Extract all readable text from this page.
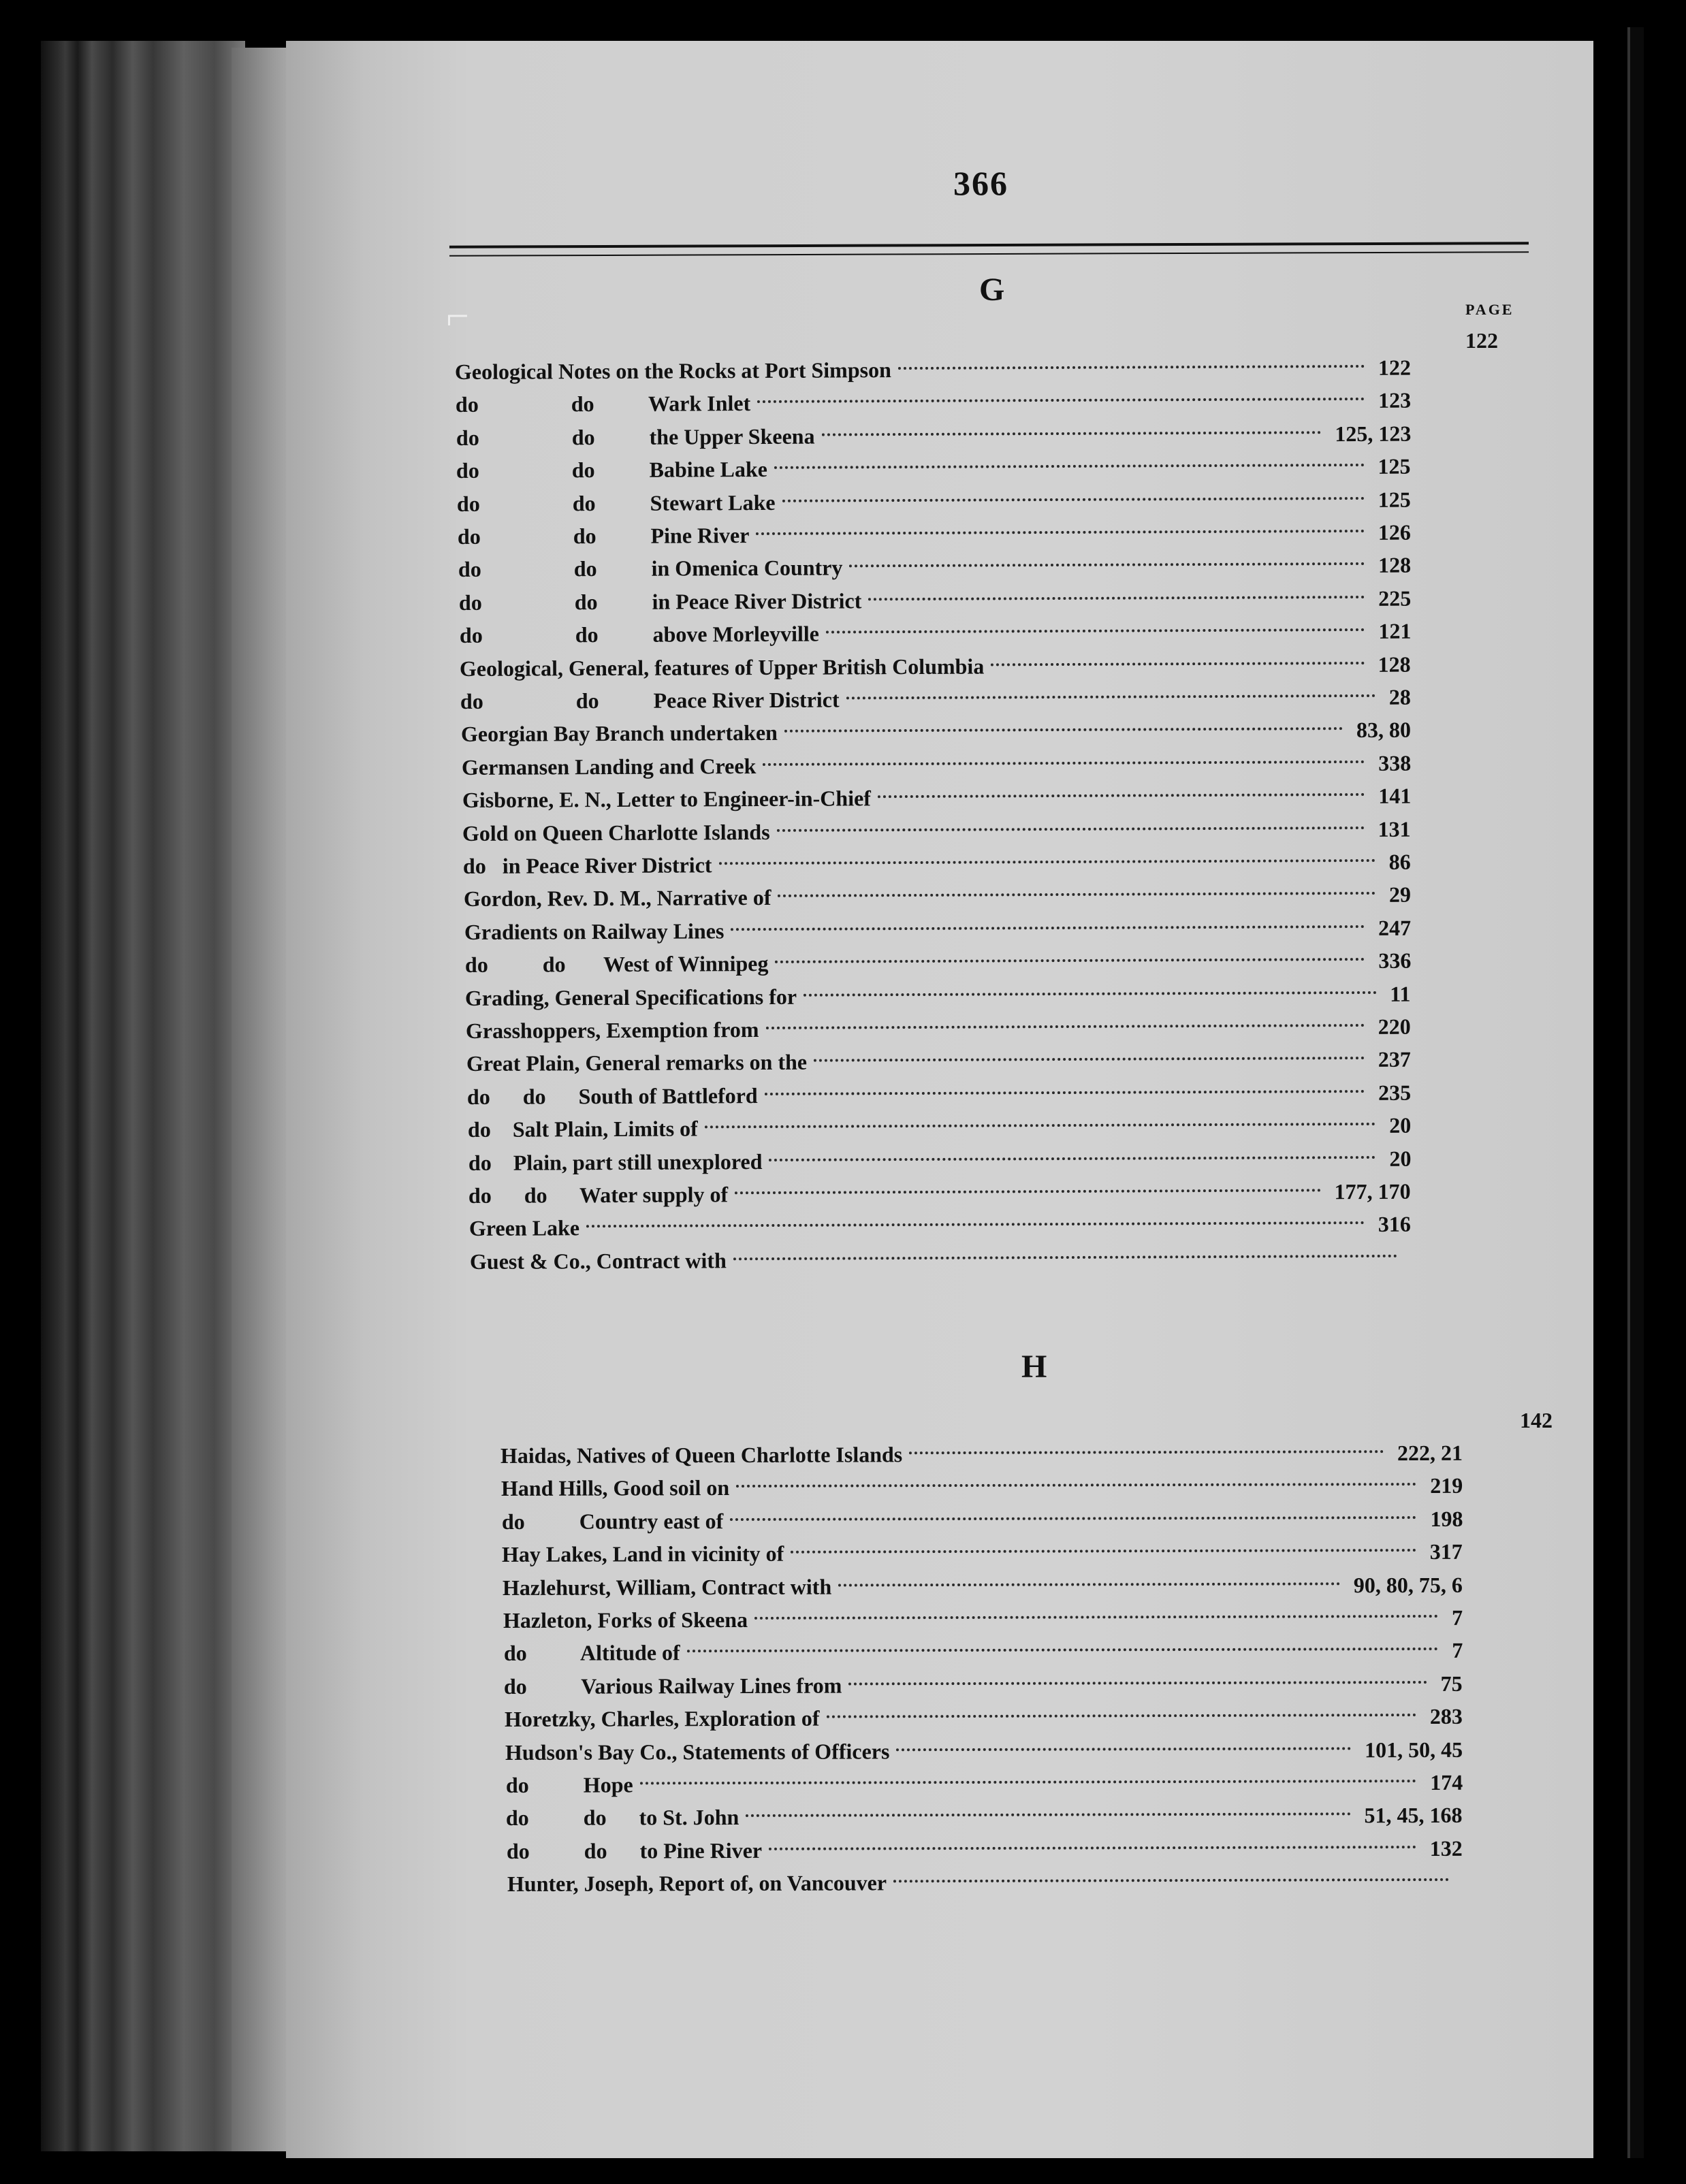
366
G
PAGE
122
Geological Notes on the Rocks at Port Simpson	122
do                 do          Wark Inlet	123
do                 do          the Upper Skeena	125, 123
do                 do          Babine Lake	125
do                 do          Stewart Lake	125
do                 do          Pine River	126
do                 do          in Omenica Country	128
do                 do          in Peace River District	225
do                 do          above Morleyville	121
Geological, General, features of Upper British Columbia	128
do                 do          Peace River District	28
Georgian Bay Branch undertaken	83, 80
Germansen Landing and Creek	338
Gisborne, E. N., Letter to Engineer-in-Chief	141
Gold on Queen Charlotte Islands	131
do   in Peace River District	86
Gordon, Rev. D. M., Narrative of	29
Gradients on Railway Lines	247
do          do       West of Winnipeg	336
Grading, General Specifications for	11
Grasshoppers, Exemption from	220
Great Plain, General remarks on the	237
do      do      South of Battleford	235
do    Salt Plain, Limits of	20
do    Plain, part still unexplored	20
do      do      Water supply of	177, 170
Green Lake	316
Guest & Co., Contract with
H
142
Haidas, Natives of Queen Charlotte Islands	222, 21
Hand Hills, Good soil on	219
do          Country east of	198
Hay Lakes, Land in vicinity of	317
Hazlehurst, William, Contract with	90, 80, 75, 6
Hazleton, Forks of Skeena	7
do          Altitude of	7
do          Various Railway Lines from	75
Horetzky, Charles, Exploration of	283
Hudson's Bay Co., Statements of Officers	101, 50, 45
do          Hope	174
do          do      to St. John	51, 45, 168
do          do      to Pine River	132
Hunter, Joseph, Report of, on Vancouver
⌐
